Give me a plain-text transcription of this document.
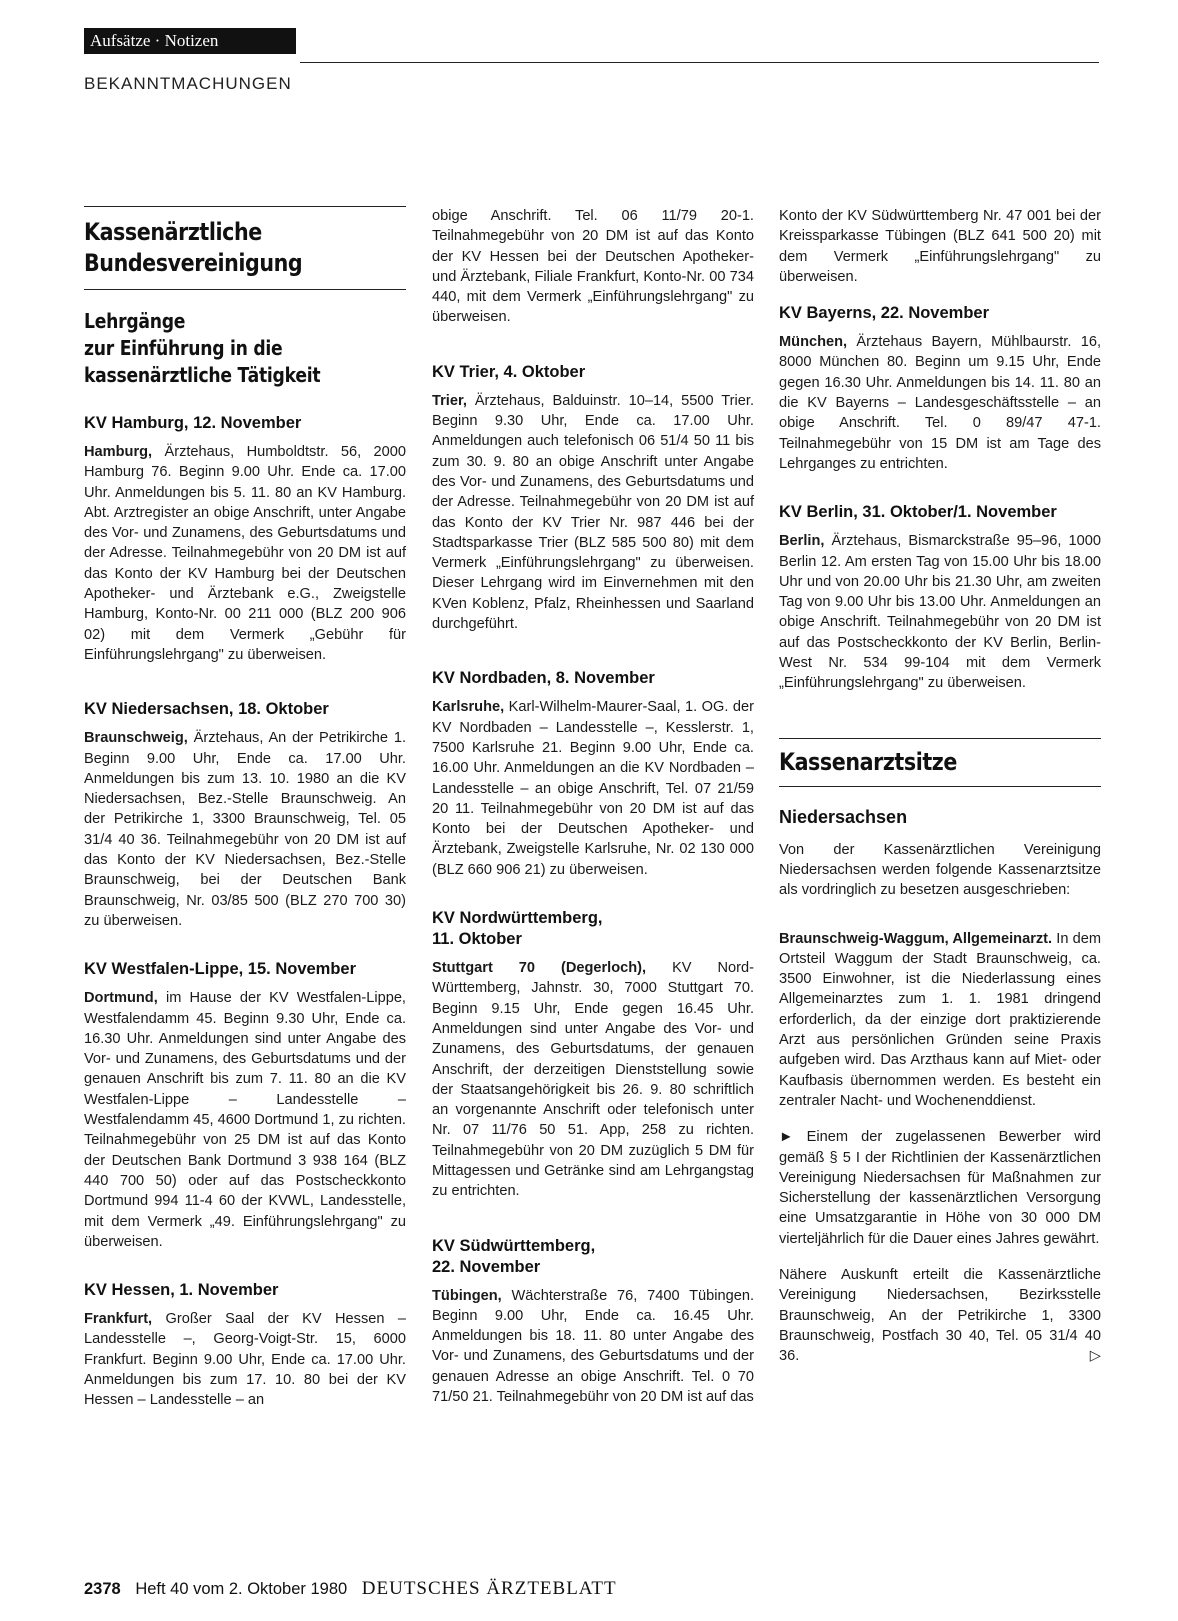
Aufsätze · Notizen
BEKANNTMACHUNGEN
Kassenärztliche
Bundesvereinigung
Lehrgänge
zur Einführung in die
kassenärztliche Tätigkeit
KV Hamburg, 12. November

Hamburg, Ärztehaus, Humboldtstr. 56, 2000 Hamburg 76. Beginn 9.00 Uhr. Ende ca. 17.00 Uhr. Anmeldungen bis 5. 11. 80 an KV Hamburg. Abt. Arztregister an obige Anschrift, unter Angabe des Vor- und Zunamens, des Geburtsdatums und der Adresse. Teilnahmegebühr von 20 DM ist auf das Konto der KV Hamburg bei der Deutschen Apotheker- und Ärztebank e.G., Zweigstelle Hamburg, Konto-Nr. 00 211 000 (BLZ 200 906 02) mit dem Vermerk „Gebühr für Einführungslehrgang" zu überweisen.

KV Niedersachsen, 18. Oktober

Braunschweig, Ärztehaus, An der Petrikirche 1. Beginn 9.00 Uhr, Ende ca. 17.00 Uhr. Anmeldungen bis zum 13. 10. 1980 an die KV Niedersachsen, Bez.-Stelle Braunschweig. An der Petrikirche 1, 3300 Braunschweig, Tel. 05 31/4 40 36. Teilnahmegebühr von 20 DM ist auf das Konto der KV Niedersachsen, Bez.-Stelle Braunschweig, bei der Deutschen Bank Braunschweig, Nr. 03/85 500 (BLZ 270 700 30) zu überweisen.

KV Westfalen-Lippe, 15. November

Dortmund, im Hause der KV Westfalen-Lippe, Westfalendamm 45. Beginn 9.30 Uhr, Ende ca. 16.30 Uhr. Anmeldungen sind unter Angabe des Vor- und Zunamens, des Geburtsdatums und der genauen Anschrift bis zum 7. 11. 80 an die KV Westfalen-Lippe – Landesstelle – Westfalendamm 45, 4600 Dortmund 1, zu richten. Teilnahmegebühr von 25 DM ist auf das Konto der Deutschen Bank Dortmund 3 938 164 (BLZ 440 700 50) oder auf das Postscheckkonto Dortmund 994 11-4 60 der KVWL, Landesstelle, mit dem Vermerk „49. Einführungslehrgang" zu überweisen.

KV Hessen, 1. November

Frankfurt, Großer Saal der KV Hessen – Landesstelle –, Georg-Voigt-Str. 15, 6000 Frankfurt. Beginn 9.00 Uhr, Ende ca. 17.00 Uhr. Anmeldungen bis zum 17. 10. 80 bei der KV Hessen – Landesstelle – an

obige Anschrift. Tel. 06 11/79 20-1. Teilnahmegebühr von 20 DM ist auf das Konto der KV Hessen bei der Deutschen Apotheker- und Ärztebank, Filiale Frankfurt, Konto-Nr. 00 734 440, mit dem Vermerk „Einführungslehrgang" zu überweisen.

KV Trier, 4. Oktober

Trier, Ärztehaus, Balduinstr. 10–14, 5500 Trier. Beginn 9.30 Uhr, Ende ca. 17.00 Uhr. Anmeldungen auch telefonisch 06 51/4 50 11 bis zum 30. 9. 80 an obige Anschrift unter Angabe des Vor- und Zunamens, des Geburtsdatums und der Adresse. Teilnahmegebühr von 20 DM ist auf das Konto der KV Trier Nr. 987 446 bei der Stadtsparkasse Trier (BLZ 585 500 80) mit dem Vermerk „Einführungslehrgang" zu überweisen. Dieser Lehrgang wird im Einvernehmen mit den KVen Koblenz, Pfalz, Rheinhessen und Saarland durchgeführt.

KV Nordbaden, 8. November

Karlsruhe, Karl-Wilhelm-Maurer-Saal, 1. OG. der KV Nordbaden – Landesstelle –, Kesslerstr. 1, 7500 Karlsruhe 21. Beginn 9.00 Uhr, Ende ca. 16.00 Uhr. Anmeldungen an die KV Nordbaden – Landesstelle – an obige Anschrift, Tel. 07 21/59 20 11. Teilnahmegebühr von 20 DM ist auf das Konto bei der Deutschen Apotheker- und Ärztebank, Zweigstelle Karlsruhe, Nr. 02 130 000 (BLZ 660 906 21) zu überweisen.

KV Nordwürttemberg,
11. Oktober

Stuttgart 70 (Degerloch), KV Nord-Württemberg, Jahnstr. 30, 7000 Stuttgart 70. Beginn 9.15 Uhr, Ende gegen 16.45 Uhr. Anmeldungen sind unter Angabe des Vor- und Zunamens, des Geburtsdatums, der genauen Anschrift, der derzeitigen Dienststellung sowie der Staatsangehörigkeit bis 26. 9. 80 schriftlich an vorgenannte Anschrift oder telefonisch unter Nr. 07 11/76 50 51. App, 258 zu richten. Teilnahmegebühr von 20 DM zuzüglich 5 DM für Mittagessen und Getränke sind am Lehrgangstag zu entrichten.

KV Südwürttemberg,
22. November

Tübingen, Wächterstraße 76, 7400 Tübingen. Beginn 9.00 Uhr, Ende ca. 16.45 Uhr. Anmeldungen bis 18. 11. 80 unter Angabe des Vor- und Zunamens, des Geburtsdatums und der genauen Adresse an obige Anschrift. Tel. 0 70 71/50 21. Teilnahmegebühr von 20 DM ist auf das

Konto der KV Südwürttemberg Nr. 47 001 bei der Kreissparkasse Tübingen (BLZ 641 500 20) mit dem Vermerk „Einführungslehrgang" zu überweisen.

KV Bayerns, 22. November

München, Ärztehaus Bayern, Mühlbaurstr. 16, 8000 München 80. Beginn um 9.15 Uhr, Ende gegen 16.30 Uhr. Anmeldungen bis 14. 11. 80 an die KV Bayerns – Landesgeschäftsstelle – an obige Anschrift. Tel. 0 89/47 47-1. Teilnahmegebühr von 15 DM ist am Tage des Lehrganges zu entrichten.

KV Berlin, 31. Oktober/1. November

Berlin, Ärztehaus, Bismarckstraße 95–96, 1000 Berlin 12. Am ersten Tag von 15.00 Uhr bis 18.00 Uhr und von 20.00 Uhr bis 21.30 Uhr, am zweiten Tag von 9.00 Uhr bis 13.00 Uhr. Anmeldungen an obige Anschrift. Teilnahmegebühr von 20 DM ist auf das Postscheckkonto der KV Berlin, Berlin-West Nr. 534 99-104 mit dem Vermerk „Einführungslehrgang" zu überweisen.

Kassenarztsitze
Niedersachsen

Von der Kassenärztlichen Vereinigung Niedersachsen werden folgende Kassenarztsitze als vordringlich zu besetzen ausgeschrieben:

Braunschweig-Waggum, Allgemeinarzt. In dem Ortsteil Waggum der Stadt Braunschweig, ca. 3500 Einwohner, ist die Niederlassung eines Allgemeinarztes zum 1. 1. 1981 dringend erforderlich, da der einzige dort praktizierende Arzt aus persönlichen Gründen seine Praxis aufgeben wird. Das Arzthaus kann auf Miet- oder Kaufbasis übernommen werden. Es besteht ein zentraler Nacht- und Wochenenddienst.

► Einem der zugelassenen Bewerber wird gemäß § 5 I der Richtlinien der Kassenärztlichen Vereinigung Niedersachsen für Maßnahmen zur Sicherstellung der kassenärztlichen Versorgung eine Umsatzgarantie in Höhe von 30 000 DM vierteljährlich für die Dauer eines Jahres gewährt.

Nähere Auskunft erteilt die Kassenärztliche Vereinigung Niedersachsen, Bezirksstelle Braunschweig, An der Petrikirche 1, 3300 Braunschweig, Postfach 30 40, Tel. 05 31/4 40 36.	▷

2378 Heft 40 vom 2. Oktober 1980 DEUTSCHES ÄRZTEBLATT
